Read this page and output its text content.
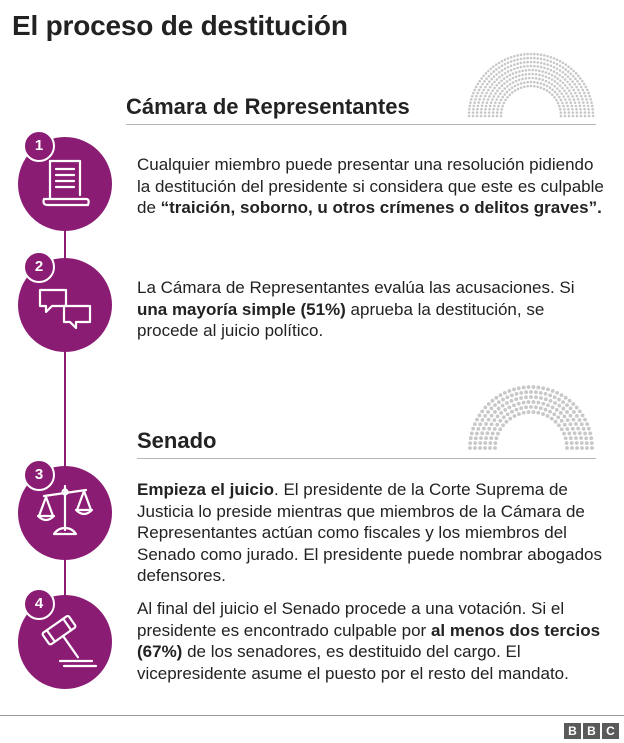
El proceso de destitución
Cámara de Representantes
Senado
1
Cualquier miembro puede presentar una resolución pidiendo la destitución del presidente si considera que este es culpable de “traición, soborno, u otros crímenes o delitos graves”.
2
La Cámara de Representantes evalúa las acusaciones. Si una mayoría simple (51%) aprueba la destitución, se procede al juicio político.
3
Empieza el juicio. El presidente de la Corte Suprema de Justicia lo preside mientras que miembros de la Cámara de Representantes actúan como fiscales y los miembros del Senado como jurado. El presidente puede nombrar abogados defensores.
4	Al final del juicio el Senado procede a una votación. Si el presidente es encontrado culpable por al menos dos tercios (67%) de los senadores, es destituido del cargo. El vicepresidente asume el puesto por el resto del mandato.
B B C
